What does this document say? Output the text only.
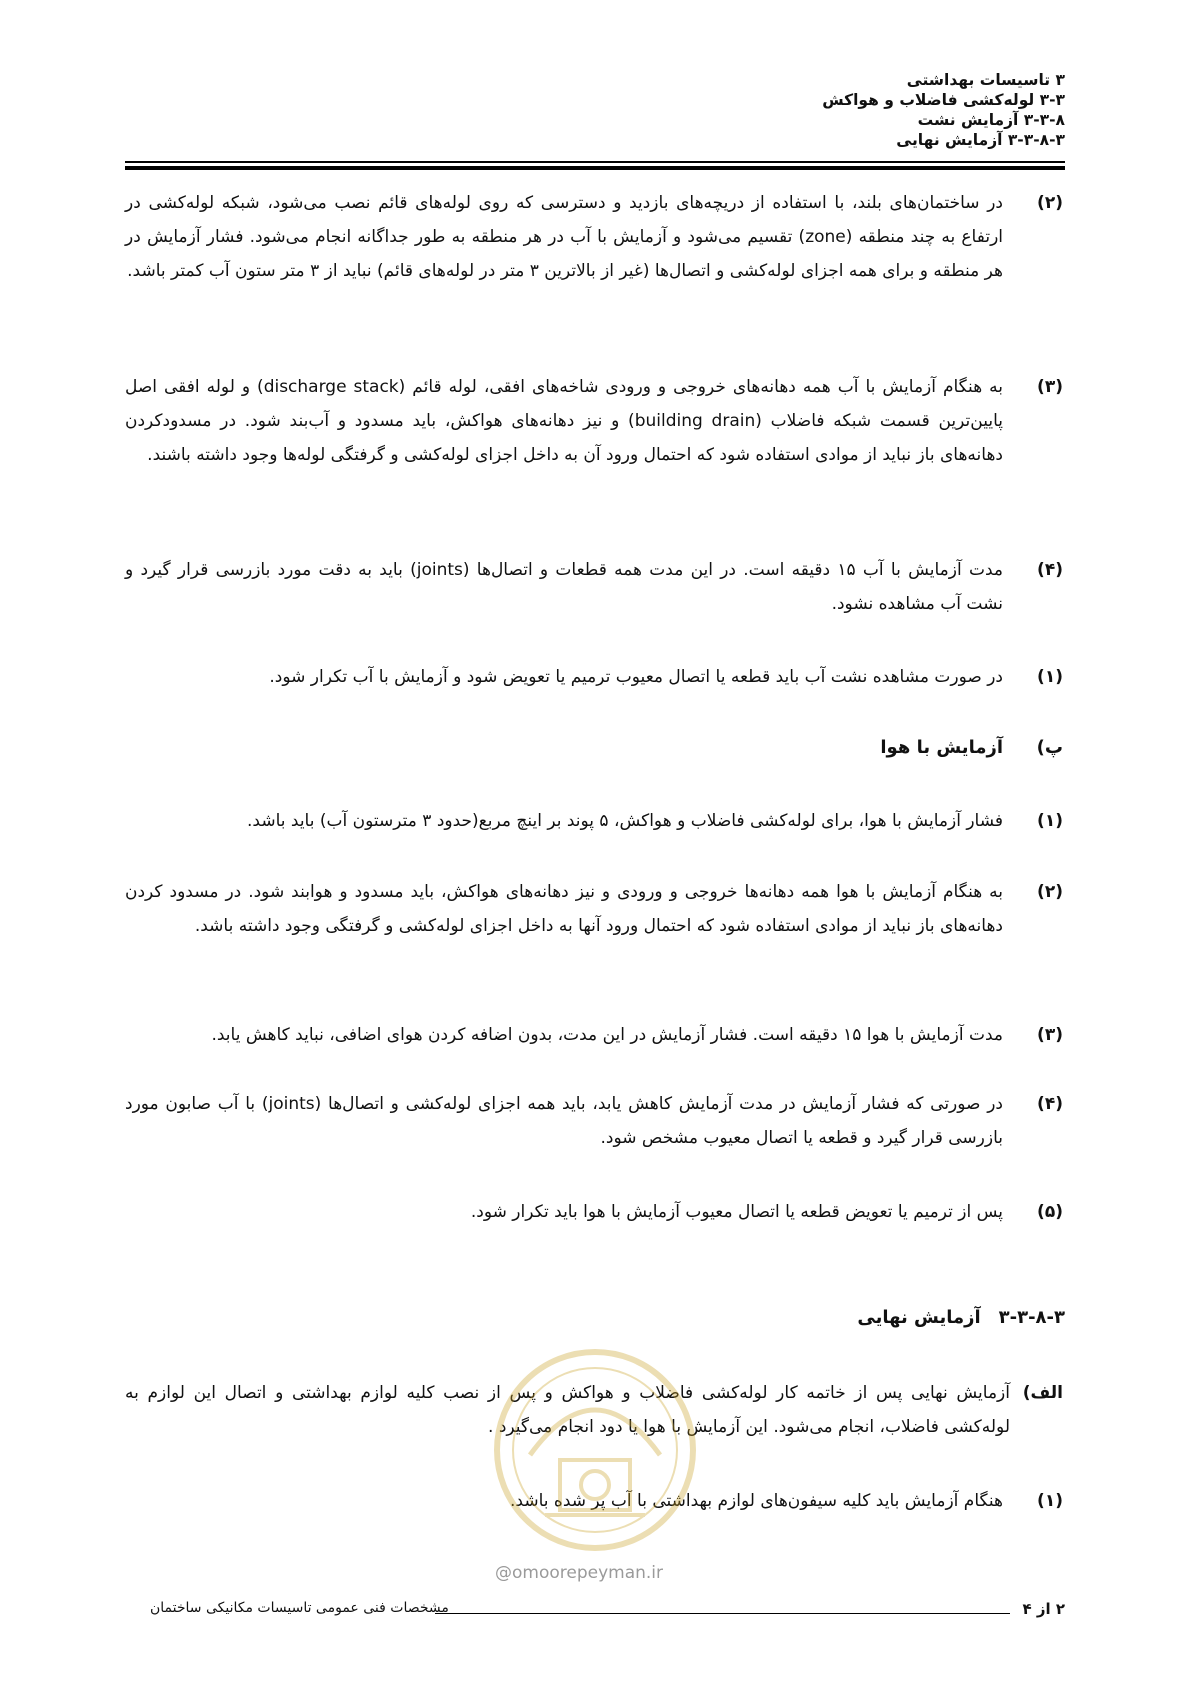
۳ تاسیسات بهداشتی
۳-۳ لوله‌کشی فاضلاب و هواکش
۳-۳-۸ آزمایش نشت
۳-۳-۸-۳ آزمایش نهایی
(۲)
در ساختمان‌های بلند، با استفاده از دریچه‌های بازدید و دسترسی که روی لوله‌های قائم نصب می‌شود، شبکه لوله‌کشی در ارتفاع به چند منطقه (zone) تقسیم می‌شود و آزمایش با آب در هر منطقه به طور جداگانه انجام می‌شود. فشار آزمایش در هر منطقه و برای همه اجزای لوله‌کشی و اتصال‌ها (غیر از بالاترین ۳ متر در لوله‌های قائم) نباید از ۳ متر ستون آب کمتر باشد.
(۳)
به هنگام آزمایش با آب همه دهانه‌های خروجی و ورودی شاخه‌های افقی، لوله قائم (discharge stack) و لوله افقی اصل پایین‌ترین قسمت شبکه فاضلاب (building drain) و نیز دهانه‌های هواکش، باید مسدود و آب‌بند شود. در مسدودکردن دهانه‌های باز نباید از موادی استفاده شود که احتمال ورود آن به داخل اجزای لوله‌کشی و گرفتگی لوله‌ها وجود داشته باشند.
(۴)
مدت آزمایش با آب ۱۵ دقیقه است. در این مدت همه قطعات و اتصال‌ها (joints) باید به دقت مورد بازرسی قرار گیرد و نشت آب مشاهده نشود.
(۱)
در صورت مشاهده نشت آب باید قطعه یا اتصال معیوب ترمیم یا تعویض شود و آزمایش با آب تکرار شود.
پ)
آزمایش با هوا
(۱)
فشار آزمایش با هوا، برای لوله‌کشی فاضلاب و هواکش، ۵ پوند بر اینچ مربع(حدود ۳ مترستون آب) باید باشد.
(۲)
به هنگام آزمایش با هوا همه دهانه‌ها خروجی و ورودی و نیز دهانه‌های هواکش، باید مسدود و هوابند شود. در مسدود کردن دهانه‌های باز نباید از موادی استفاده شود که احتمال ورود آنها به داخل اجزای لوله‌کشی و گرفتگی وجود داشته باشد.
(۳)
مدت آزمایش با هوا ۱۵ دقیقه است. فشار آزمایش در این مدت، بدون اضافه کردن هوای اضافی، نباید کاهش یابد.
(۴)
در صورتی که فشار آزمایش در مدت آزمایش کاهش یابد، باید همه اجزای لوله‌کشی و اتصال‌ها (joints) با آب صابون مورد بازرسی قرار گیرد و قطعه یا اتصال معیوب مشخص شود.
(۵)
پس از ترمیم یا تعویض قطعه یا اتصال معیوب آزمایش با هوا باید تکرار شود.
۳-۳-۸-۳آزمایش نهایی
الف)
آزمایش نهایی پس از خاتمه کار لوله‌کشی فاضلاب و هواکش و پس از نصب کلیه لوازم بهداشتی و اتصال این لوازم به لوله‌کشی فاضلاب، انجام می‌شود. این آزمایش با هوا یا دود انجام می‌گیرد .
(۱)
هنگام آزمایش باید کلیه سیفون‌های لوازم بهداشتی با آب پر شده باشد.
@omoorepeyman.ir
۲ از ۴
مشخصات فنی عمومی تاسیسات مکانیکی ساختمان
